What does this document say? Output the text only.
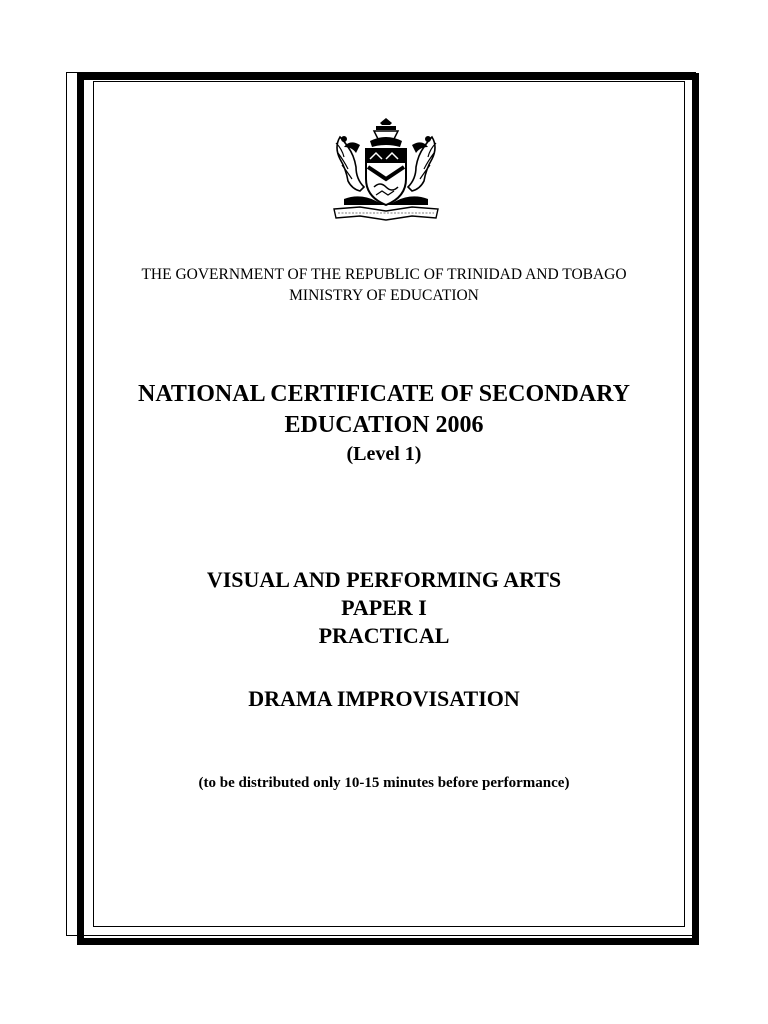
THE GOVERNMENT OF THE REPUBLIC OF TRINIDAD AND TOBAGO
MINISTRY OF EDUCATION
NATIONAL CERTIFICATE OF SECONDARY
EDUCATION 2006
(Level 1)
VISUAL AND PERFORMING ARTS
PAPER I
PRACTICAL
DRAMA IMPROVISATION
(to be distributed only 10-15 minutes before performance)
